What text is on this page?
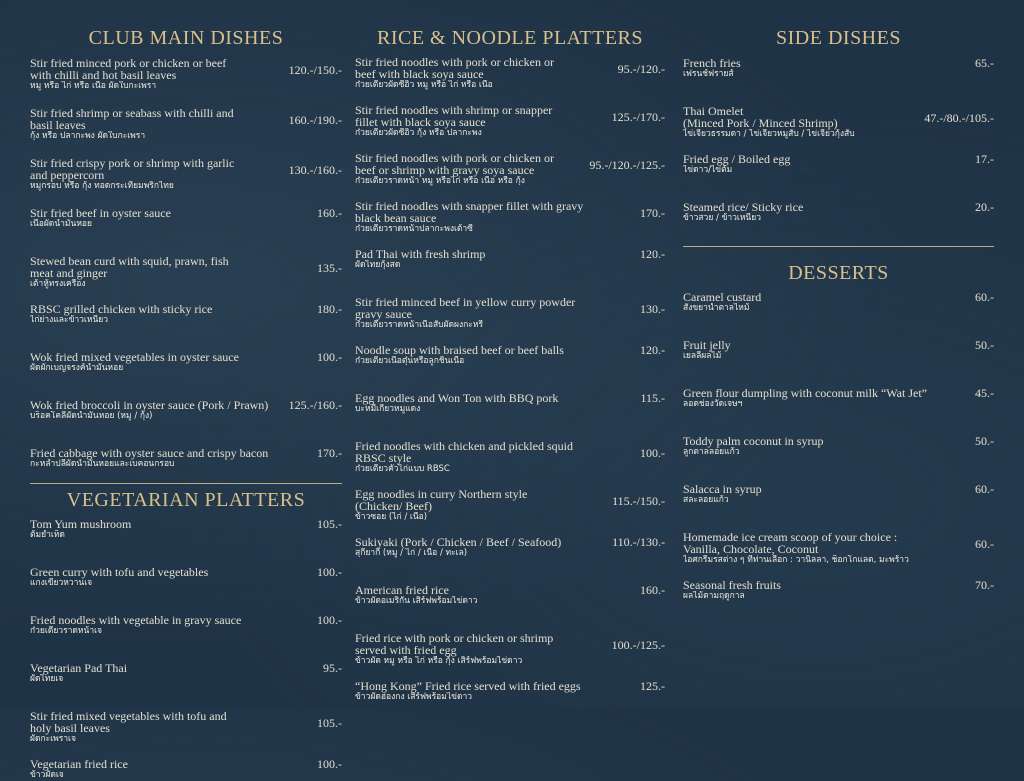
CLUB MAIN DISHES
Stir fried minced pork or chicken or beef
with chilli and hot basil leaves
หมู หรือ ไก่ หรือ เนื้อ ผัดใบกะเพรา
120.-/150.-
Stir fried shrimp or seabass with chilli and
basil leaves
กุ้ง หรือ ปลากะพง ผัดใบกะเพรา
160.-/190.-
Stir fried crispy pork or shrimp with garlic
and peppercorn
หมูกรอบ หรือ กุ้ง ทอดกระเทียมพริกไทย
130.-/160.-
Stir fried beef in oyster sauce
เนื้อผัดน้ำมันหอย
160.-
Stewed bean curd with squid, prawn, fish
meat and ginger
เต้าหู้ทรงเครื่อง
135.-
RBSC grilled chicken with sticky rice
ไก่ย่างและข้าวเหนียว
180.-
Wok fried mixed vegetables in oyster sauce
ผัดผักเบญจรงค์น้ำมันหอย
100.-
Wok fried broccoli in oyster sauce (Pork / Prawn)
บร็อคโคลี่ผัดน้ำมันหอย (หมู / กุ้ง)
125.-/160.-
Fried cabbage with oyster sauce and crispy bacon
กะหล่ำปลีผัดน้ำมันหอยและเบคอนกรอบ
170.-
VEGETARIAN PLATTERS
Tom Yum mushroom
ต้มยำเห็ด
105.-
Green curry with tofu and vegetables
แกงเขียวหวานเจ
100.-
Fried noodles with vegetable in gravy sauce
ก๋วยเตี๋ยวราดหน้าเจ
100.-
Vegetarian Pad Thai
ผัดไทยเจ
95.-
Stir fried mixed vegetables with tofu and
holy basil leaves
ผัดกะเพราเจ
105.-
Vegetarian fried rice
ข้าวผัดเจ
100.-
RICE & NOODLE PLATTERS
Stir fried noodles with pork or chicken or
beef with black soya sauce
ก๋วยเตี๋ยวผัดซีอิ๊ว หมู หรือ ไก่ หรือ เนื้อ
95.-/120.-
Stir fried noodles with shrimp or snapper
fillet with black soya sauce
ก๋วยเตี๋ยวผัดซีอิ๊ว กุ้ง หรือ ปลากะพง
125.-/170.-
Stir fried noodles with pork or chicken or
beef or shrimp with gravy soya sauce
ก๋วยเตี๋ยวราดหน้า หมู หรือไก่ หรือ เนื้อ หรือ กุ้ง
95.-/120.-/125.-
Stir fried noodles with snapper fillet with gravy
black bean sauce
ก๋วยเตี๋ยวราดหน้าปลากะพงเต้าซี่
170.-
Pad Thai with fresh shrimp
ผัดไทยกุ้งสด
120.-
Stir fried minced beef in yellow curry powder
gravy sauce
ก๋วยเตี๋ยวราดหน้าเนื้อสับผัดผงกะหรี่
130.-
Noodle soup with braised beef or beef balls
ก๋วยเตี๋ยวเนื้อตุ๋นหรือลูกชิ้นเนื้อ
120.-
Egg noodles and Won Ton with BBQ pork
บะหมี่เกี๊ยวหมูแดง
115.-
Fried noodles with chicken and pickled squid
RBSC style
ก๋วยเตี๋ยวคั่วไก่แบบ RBSC
100.-
Egg noodles in curry Northern style
(Chicken/ Beef)
ข้าวซอย (ไก่ / เนื้อ)
115.-/150.-
Sukiyaki (Pork / Chicken / Beef / Seafood)
สุกี้ยากี้ (หมู / ไก่ / เนื้อ / ทะเล)
110.-/130.-
American fried rice
ข้าวผัดอเมริกัน เสิร์ฟพร้อมไข่ดาว
160.-
Fried rice with pork or chicken or shrimp
served with fried egg
ข้าวผัด หมู หรือ ไก่ หรือ กุ้ง เสิร์ฟพร้อมไข่ดาว
100.-/125.-
“Hong Kong” Fried rice served with fried eggs
ข้าวผัดฮ่องกง เสิร์ฟพร้อมไข่ดาว
125.-
SIDE DISHES
French fries
เฟรนช์ฟรายส์
65.-
Thai Omelet
(Minced Pork / Minced Shrimp)
ไข่เจียวธรรมดา / ไข่เจียวหมูสับ / ไข่เจียวกุ้งสับ
47.-/80.-/105.-
Fried egg / Boiled egg
ไข่ดาว/ไข่ต้ม
17.-
Steamed rice/ Sticky rice
ข้าวสวย / ข้าวเหนียว
20.-
DESSERTS
Caramel custard
สังขยาน้ำตาลไหม้
60.-
Fruit jelly
เยลลี่ผลไม้
50.-
Green flour dumpling with coconut milk “Wat Jet”
ลอดช่องวัดเจษฯ
45.-
Toddy palm coconut in syrup
ลูกตาลลอยแก้ว
50.-
Salacca in syrup
สละลอยแก้ว
60.-
Homemade ice cream scoop of your choice :
Vanilla, Chocolate, Coconut
ไอศกรีมรสต่าง ๆ ที่ท่านเลือก : วานิลลา, ช็อกโกแลต, มะพร้าว
60.-
Seasonal fresh fruits
ผลไม้ตามฤดูกาล
70.-
